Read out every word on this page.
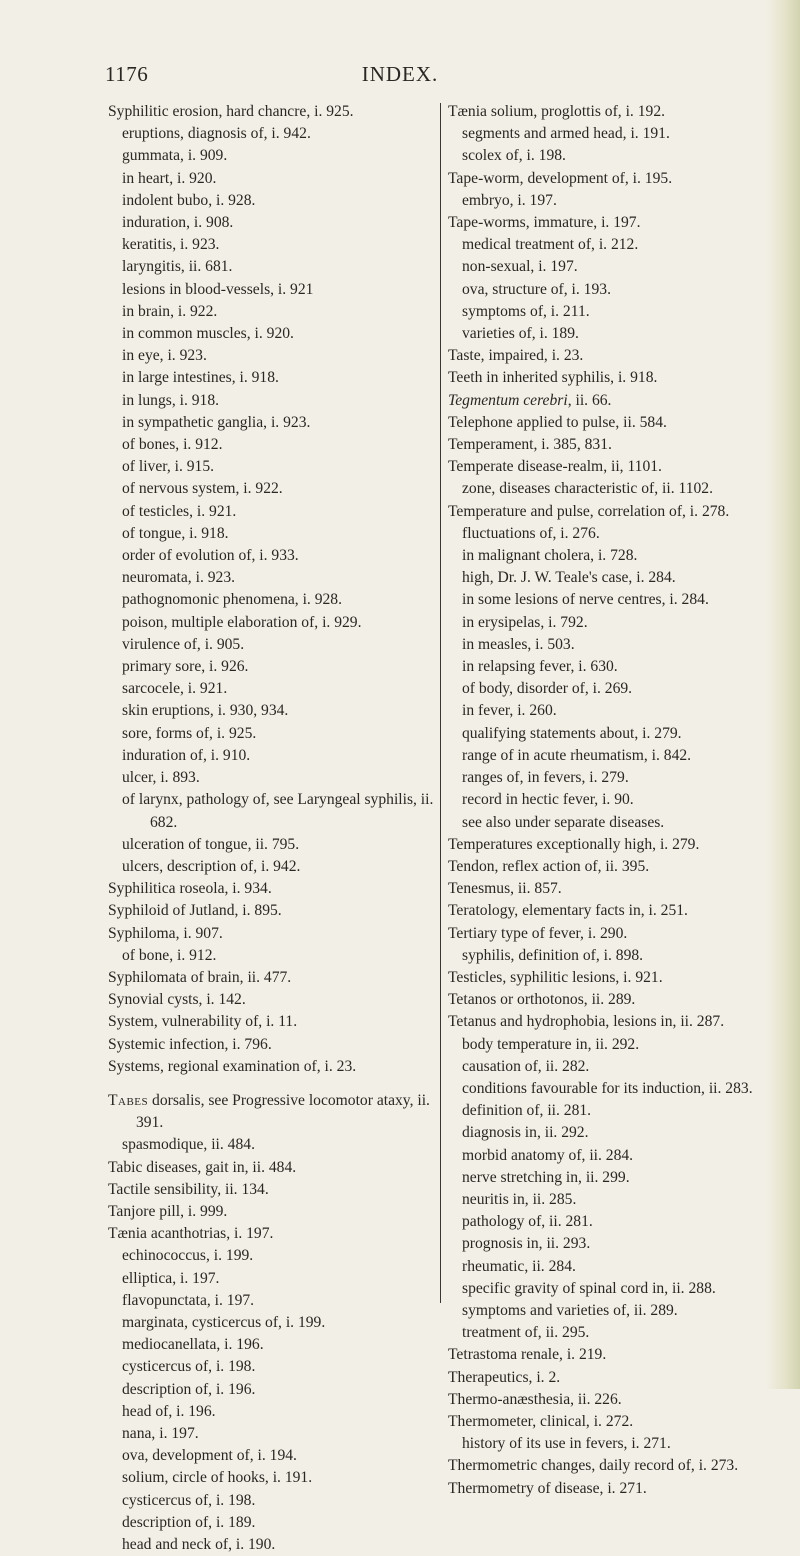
1176	INDEX.
Syphilitic erosion, hard chancre, i. 925.
eruptions, diagnosis of, i. 942.
gummata, i. 909.
in heart, i. 920.
indolent bubo, i. 928.
induration, i. 908.
keratitis, i. 923.
laryngitis, ii. 681.
lesions in blood-vessels, i. 921
in brain, i. 922.
in common muscles, i. 920.
in eye, i. 923.
in large intestines, i. 918.
in lungs, i. 918.
in sympathetic ganglia, i. 923.
of bones, i. 912.
of liver, i. 915.
of nervous system, i. 922.
of testicles, i. 921.
of tongue, i. 918.
order of evolution of, i. 933.
neuromata, i. 923.
pathognomonic phenomena, i. 928.
poison, multiple elaboration of, i. 929.
virulence of, i. 905.
primary sore, i. 926.
sarcocele, i. 921.
skin eruptions, i. 930, 934.
sore, forms of, i. 925.
induration of, i. 910.
ulcer, i. 893.
of larynx, pathology of, see Laryngeal syphilis, ii. 682.
ulceration of tongue, ii. 795.
ulcers, description of, i. 942.
Syphilitica roseola, i. 934.
Syphiloid of Jutland, i. 895.
Syphiloma, i. 907.
of bone, i. 912.
Syphilomata of brain, ii. 477.
Synovial cysts, i. 142.
System, vulnerability of, i. 11.
Systemic infection, i. 796.
Systems, regional examination of, i. 23.
Tabes dorsalis, see Progressive locomotor ataxy, ii. 391.
spasmodique, ii. 484.
Tabic diseases, gait in, ii. 484.
Tactile sensibility, ii. 134.
Tanjore pill, i. 999.
Tænia acanthotrias, i. 197.
echinococcus, i. 199.
elliptica, i. 197.
flavopunctata, i. 197.
marginata, cysticercus of, i. 199.
mediocanellata, i. 196.
cysticercus of, i. 198.
description of, i. 196.
head of, i. 196.
nana, i. 197.
ova, development of, i. 194.
solium, circle of hooks, i. 191.
cysticercus of, i. 198.
description of, i. 189.
head and neck of, i. 190.
Tænia solium, proglottis of, i. 192.
segments and armed head, i. 191.
scolex of, i. 198.
Tape-worm, development of, i. 195.
embryo, i. 197.
Tape-worms, immature, i. 197.
medical treatment of, i. 212.
non-sexual, i. 197.
ova, structure of, i. 193.
symptoms of, i. 211.
varieties of, i. 189.
Taste, impaired, i. 23.
Teeth in inherited syphilis, i. 918.
Tegmentum cerebri, ii. 66.
Telephone applied to pulse, ii. 584.
Temperament, i. 385, 831.
Temperate disease-realm, ii, 1101.
zone, diseases characteristic of, ii. 1102.
Temperature and pulse, correlation of, i. 278.
fluctuations of, i. 276.
in malignant cholera, i. 728.
high, Dr. J. W. Teale's case, i. 284.
in some lesions of nerve centres, i. 284.
in erysipelas, i. 792.
in measles, i. 503.
in relapsing fever, i. 630.
of body, disorder of, i. 269.
in fever, i. 260.
qualifying statements about, i. 279.
range of in acute rheumatism, i. 842.
ranges of, in fevers, i. 279.
record in hectic fever, i. 90.
see also under separate diseases.
Temperatures exceptionally high, i. 279.
Tendon, reflex action of, ii. 395.
Tenesmus, ii. 857.
Teratology, elementary facts in, i. 251.
Tertiary type of fever, i. 290.
syphilis, definition of, i. 898.
Testicles, syphilitic lesions, i. 921.
Tetanos or orthotonos, ii. 289.
Tetanus and hydrophobia, lesions in, ii. 287.
body temperature in, ii. 292.
causation of, ii. 282.
conditions favourable for its induction, ii. 283.
definition of, ii. 281.
diagnosis in, ii. 292.
morbid anatomy of, ii. 284.
nerve stretching in, ii. 299.
neuritis in, ii. 285.
pathology of, ii. 281.
prognosis in, ii. 293.
rheumatic, ii. 284.
specific gravity of spinal cord in, ii. 288.
symptoms and varieties of, ii. 289.
treatment of, ii. 295.
Tetrastoma renale, i. 219.
Therapeutics, i. 2.
Thermo-anæsthesia, ii. 226.
Thermometer, clinical, i. 272.
history of its use in fevers, i. 271.
Thermometric changes, daily record of, i. 273.
Thermometry of disease, i. 271.
